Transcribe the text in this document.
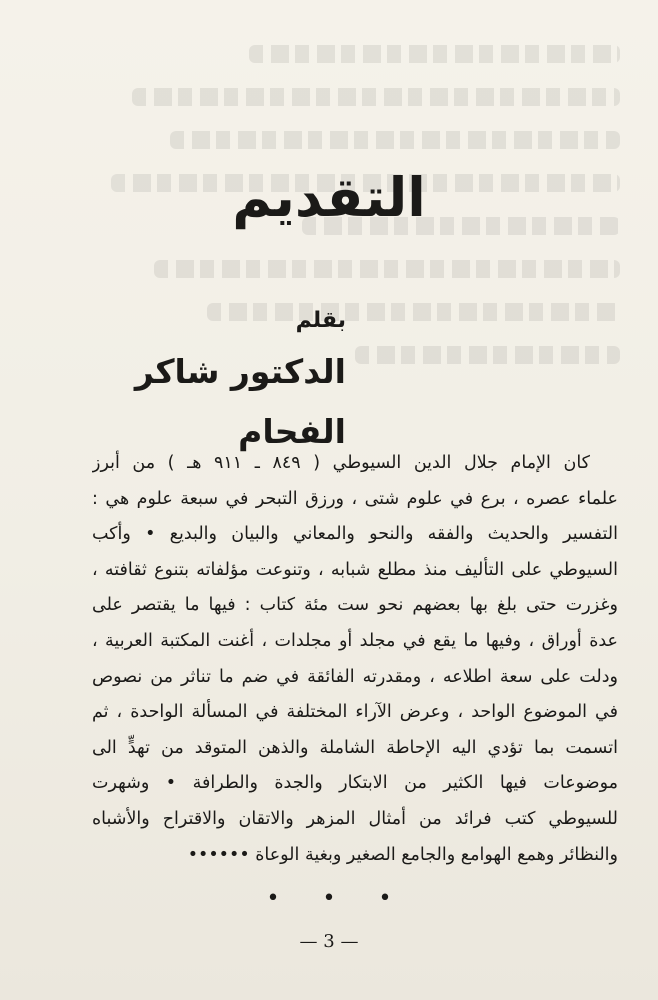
التقديم
بقلم
الدكتور شاكر الفحام
كان الإمام جلال الدين السيوطي ( ٨٤٩ ـ ٩١١ هـ ) من أبرز
علماء عصره ، برع في علوم شتى ، ورزق التبحر في سبعة علوم هي :
التفسير والحديث والفقه والنحو والمعاني والبيان والبديع • وأكب
السيوطي على التأليف منذ مطلع شبابه ، وتنوعت مؤلفاته بتنوع ثقافته ،
وغزرت حتى بلغ بها بعضهم نحو ست مئة كتاب : فيها ما يقتصر على
عدة أوراق ، وفيها ما يقع في مجلد أو مجلدات ، أغنت المكتبة العربية ،
ودلت على سعة اطلاعه ، ومقدرته الفائقة في ضم ما تناثر من نصوص
في الموضوع الواحد ، وعرض الآراء المختلفة في المسألة الواحدة ، ثم
اتسمت بما تؤدي اليه الإحاطة الشاملة والذهن المتوقد من تهدٍّ الى
موضوعات فيها الكثير من الابتكار والجدة والطرافة • وشهرت
للسيوطي كتب فرائد من أمثال المزهر والاتقان والاقتراح والأشباه
والنظائر وهمع الهوامع والجامع الصغير وبغية الوعاة ••••••
• • •
— 3 —
